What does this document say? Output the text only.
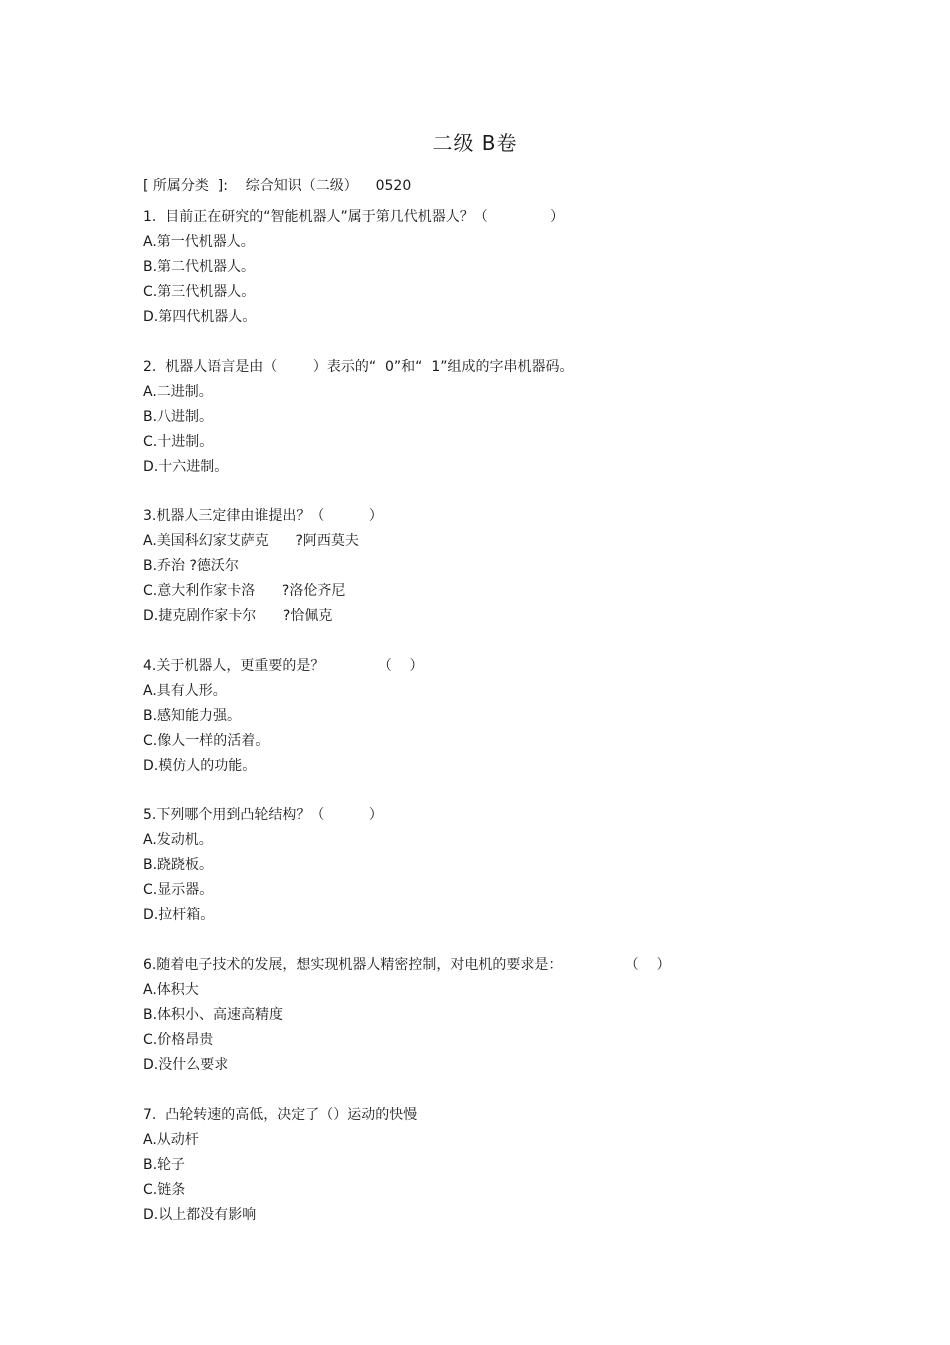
二级 B卷
[ 所属分类  ]:    综合知识（二级）    0520
1.  目前正在研究的“智能机器人”属于第几代机器人？（              ）
A.第一代机器人。
B.第二代机器人。
C.第三代机器人。
D.第四代机器人。
2.  机器人语言是由（        ）表示的“  0”和“  1”组成的字串机器码。
A.二进制。
B.八进制。
C.十进制。
D.十六进制。
3.机器人三定律由谁提出？（          ）
A.美国科幻家艾萨克      ?阿西莫夫
B.乔治 ?德沃尔
C.意大利作家卡洛      ?洛伦齐尼
D.捷克剧作家卡尔      ?恰佩克
4.关于机器人，更重要的是？            （    ）
A.具有人形。
B.感知能力强。
C.像人一样的活着。
D.模仿人的功能。
5.下列哪个用到凸轮结构？（          ）
A.发动机。
B.跷跷板。
C.显示器。
D.拉杆箱。
6.随着电子技术的发展，想实现机器人精密控制，对电机的要求是：              （    ）
A.体积大
B.体积小、高速高精度
C.价格昂贵
D.没什么要求
7.  凸轮转速的高低，决定了（）运动的快慢
A.从动杆
B.轮子
C.链条
D.以上都没有影响
